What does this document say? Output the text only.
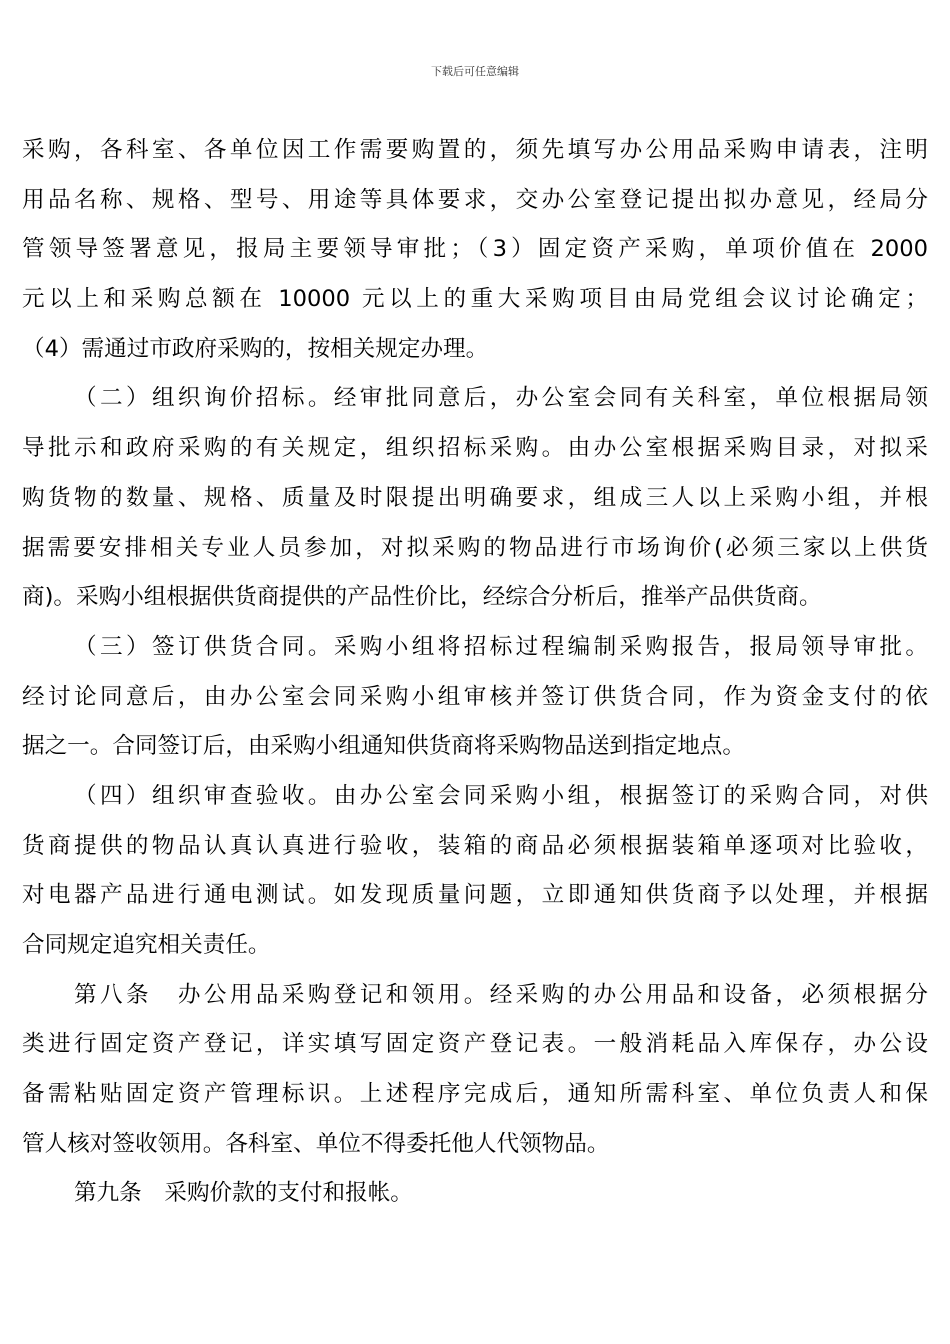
下载后可任意编辑
采购，各科室、各单位因工作需要购置的，须先填写办公用品采购申请表，注明
用品名称、规格、型号、用途等具体要求，交办公室登记提出拟办意见，经局分
管领导签署意见，报局主要领导审批；（3）固定资产采购，单项价值在 2000
元以上和采购总额在 10000 元以上的重大采购项目由局党组会议讨论确定；
（4）需通过市政府采购的，按相关规定办理。
（二）组织询价招标。经审批同意后，办公室会同有关科室，单位根据局领
导批示和政府采购的有关规定，组织招标采购。由办公室根据采购目录，对拟采
购货物的数量、规格、质量及时限提出明确要求，组成三人以上采购小组，并根
据需要安排相关专业人员参加，对拟采购的物品进行市场询价(必须三家以上供货
商)。采购小组根据供货商提供的产品性价比，经综合分析后，推举产品供货商。
（三）签订供货合同。采购小组将招标过程编制采购报告，报局领导审批。
经讨论同意后，由办公室会同采购小组审核并签订供货合同，作为资金支付的依
据之一。合同签订后，由采购小组通知供货商将采购物品送到指定地点。
（四）组织审查验收。由办公室会同采购小组，根据签订的采购合同，对供
货商提供的物品认真认真进行验收，装箱的商品必须根据装箱单逐项对比验收，
对电器产品进行通电测试。如发现质量问题，立即通知供货商予以处理，并根据
合同规定追究相关责任。
第八条　办公用品采购登记和领用。经采购的办公用品和设备，必须根据分
类进行固定资产登记，详实填写固定资产登记表。一般消耗品入库保存，办公设
备需粘贴固定资产管理标识。上述程序完成后，通知所需科室、单位负责人和保
管人核对签收领用。各科室、单位不得委托他人代领物品。
第九条　采购价款的支付和报帐。
